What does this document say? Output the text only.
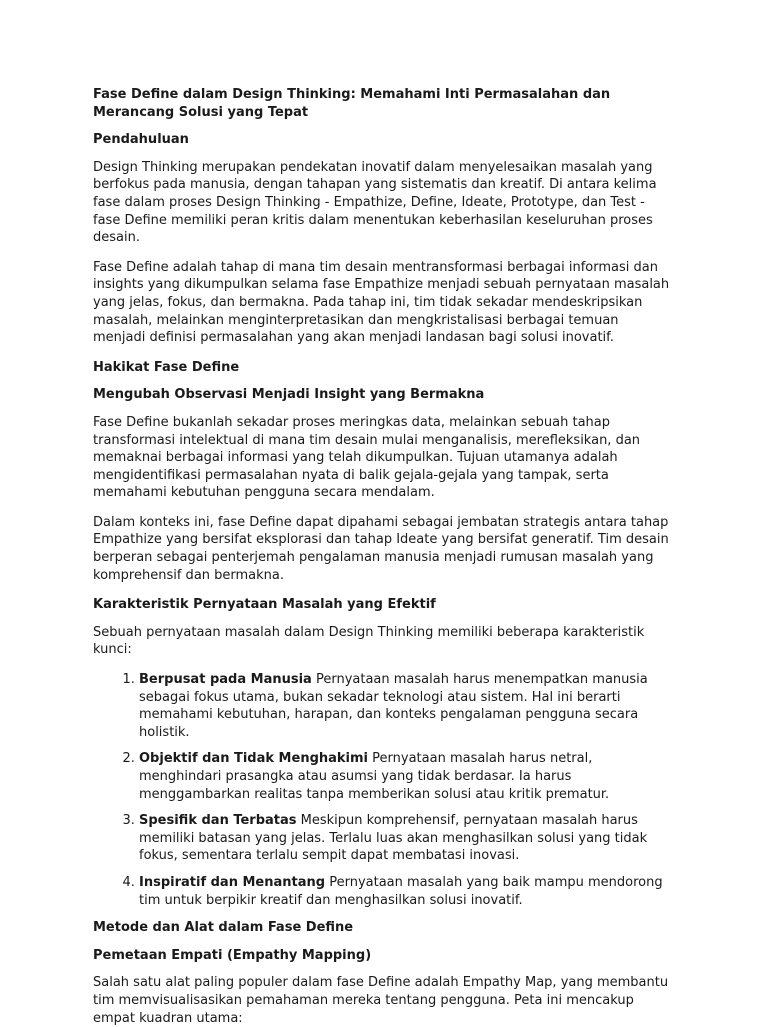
Fase Define dalam Design Thinking: Memahami Inti Permasalahan dan Merancang Solusi yang Tepat
Pendahuluan

Design Thinking merupakan pendekatan inovatif dalam menyelesaikan masalah yang berfokus pada manusia, dengan tahapan yang sistematis dan kreatif. Di antara kelima fase dalam proses Design Thinking - Empathize, Define, Ideate, Prototype, dan Test - fase Define memiliki peran kritis dalam menentukan keberhasilan keseluruhan proses desain.

Fase Define adalah tahap di mana tim desain mentransformasi berbagai informasi dan insights yang dikumpulkan selama fase Empathize menjadi sebuah pernyataan masalah yang jelas, fokus, dan bermakna. Pada tahap ini, tim tidak sekadar mendeskripsikan masalah, melainkan menginterpretasikan dan mengkristalisasi berbagai temuan menjadi definisi permasalahan yang akan menjadi landasan bagi solusi inovatif.

Hakikat Fase Define
Mengubah Observasi Menjadi Insight yang Bermakna

Fase Define bukanlah sekadar proses meringkas data, melainkan sebuah tahap transformasi intelektual di mana tim desain mulai menganalisis, merefleksikan, dan memaknai berbagai informasi yang telah dikumpulkan. Tujuan utamanya adalah mengidentifikasi permasalahan nyata di balik gejala-gejala yang tampak, serta memahami kebutuhan pengguna secara mendalam.

Dalam konteks ini, fase Define dapat dipahami sebagai jembatan strategis antara tahap Empathize yang bersifat eksplorasi dan tahap Ideate yang bersifat generatif. Tim desain berperan sebagai penterjemah pengalaman manusia menjadi rumusan masalah yang komprehensif dan bermakna.

Karakteristik Pernyataan Masalah yang Efektif

Sebuah pernyataan masalah dalam Design Thinking memiliki beberapa karakteristik kunci:

1. Berpusat pada Manusia Pernyataan masalah harus menempatkan manusia sebagai fokus utama, bukan sekadar teknologi atau sistem. Hal ini berarti memahami kebutuhan, harapan, dan konteks pengalaman pengguna secara holistik.
2. Objektif dan Tidak Menghakimi Pernyataan masalah harus netral, menghindari prasangka atau asumsi yang tidak berdasar. Ia harus menggambarkan realitas tanpa memberikan solusi atau kritik prematur.
3. Spesifik dan Terbatas Meskipun komprehensif, pernyataan masalah harus memiliki batasan yang jelas. Terlalu luas akan menghasilkan solusi yang tidak fokus, sementara terlalu sempit dapat membatasi inovasi.
4. Inspiratif dan Menantang Pernyataan masalah yang baik mampu mendorong tim untuk berpikir kreatif dan menghasilkan solusi inovatif.
Metode dan Alat dalam Fase Define
Pemetaan Empati (Empathy Mapping)

Salah satu alat paling populer dalam fase Define adalah Empathy Map, yang membantu tim memvisualisasikan pemahaman mereka tentang pengguna. Peta ini mencakup empat kuadran utama:
